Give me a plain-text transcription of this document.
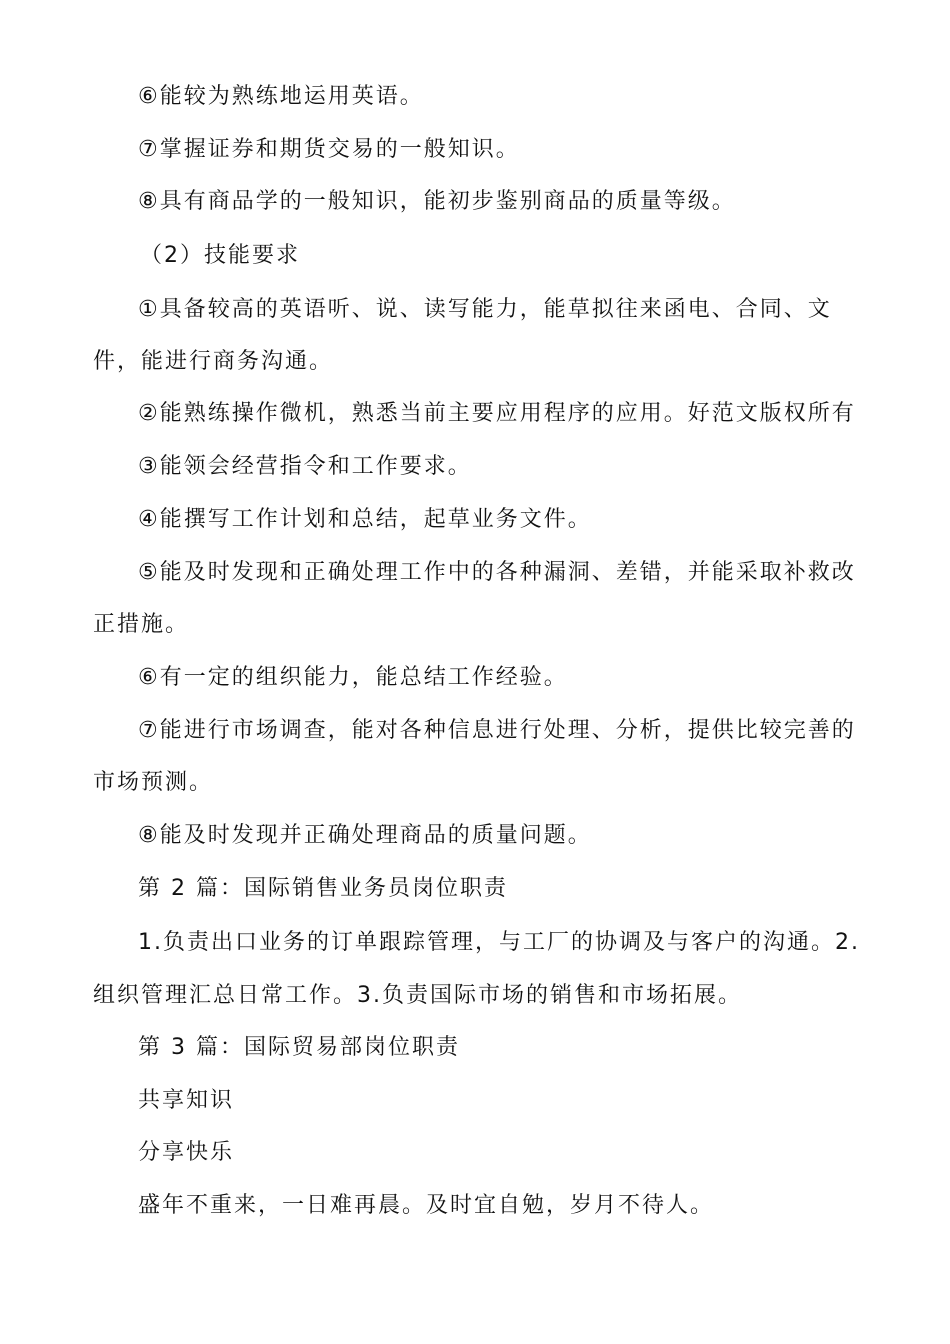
⑥能较为熟练地运用英语。
⑦掌握证券和期货交易的一般知识。
⑧具有商品学的一般知识，能初步鉴别商品的质量等级。
（2）技能要求
①具备较高的英语听、说、读写能力，能草拟往来函电、合同、文
件，能进行商务沟通。
②能熟练操作微机，熟悉当前主要应用程序的应用。好范文版权所有
③能领会经营指令和工作要求。
④能撰写工作计划和总结，起草业务文件。
⑤能及时发现和正确处理工作中的各种漏洞、差错，并能采取补救改
正措施。
⑥有一定的组织能力，能总结工作经验。
⑦能进行市场调查，能对各种信息进行处理、分析，提供比较完善的
市场预测。
⑧能及时发现并正确处理商品的质量问题。
第 2 篇：国际销售业务员岗位职责
1.负责出口业务的订单跟踪管理，与工厂的协调及与客户的沟通。2.
组织管理汇总日常工作。3.负责国际市场的销售和市场拓展。
第 3 篇：国际贸易部岗位职责
共享知识
分享快乐
盛年不重来，一日难再晨。及时宜自勉，岁月不待人。
